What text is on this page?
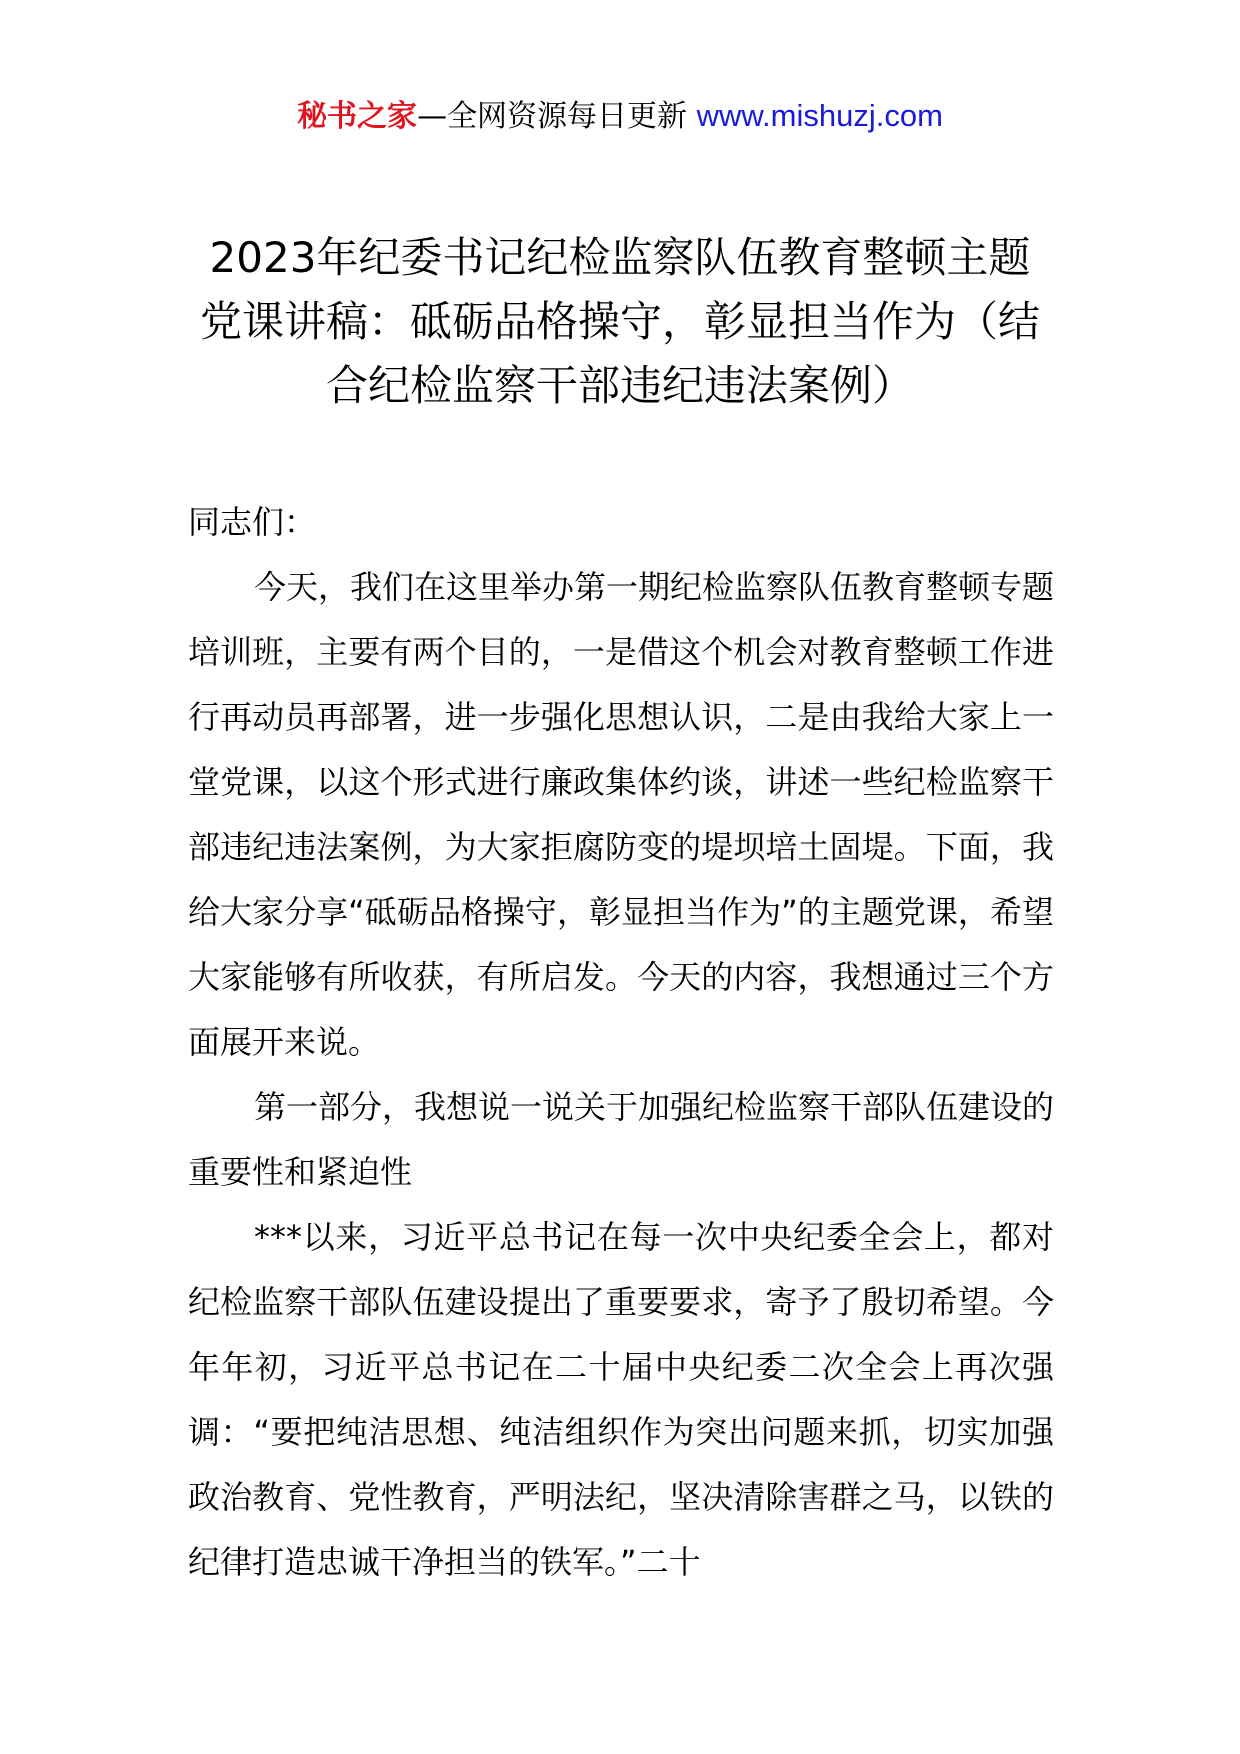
秘书之家—全网资源每日更新 www.mishuzj.com
2023年纪委书记纪检监察队伍教育整顿主题党课讲稿：砥砺品格操守，彰显担当作为（结合纪检监察干部违纪违法案例）

同志们：

今天，我们在这里举办第一期纪检监察队伍教育整顿专题培训班，主要有两个目的，一是借这个机会对教育整顿工作进行再动员再部署，进一步强化思想认识，二是由我给大家上一堂党课，以这个形式进行廉政集体约谈，讲述一些纪检监察干部违纪违法案例，为大家拒腐防变的堤坝培土固堤。下面，我给大家分享“砥砺品格操守，彰显担当作为”的主题党课，希望大家能够有所收获，有所启发。今天的内容，我想通过三个方面展开来说。

第一部分，我想说一说关于加强纪检监察干部队伍建设的重要性和紧迫性

***以来，习近平总书记在每一次中央纪委全会上，都对纪检监察干部队伍建设提出了重要要求，寄予了殷切希望。今年年初，习近平总书记在二十届中央纪委二次全会上再次强调：“要把纯洁思想、纯洁组织作为突出问题来抓，切实加强政治教育、党性教育，严明法纪，坚决清除害群之马，以铁的纪律打造忠诚干净担当的铁军。”二十
